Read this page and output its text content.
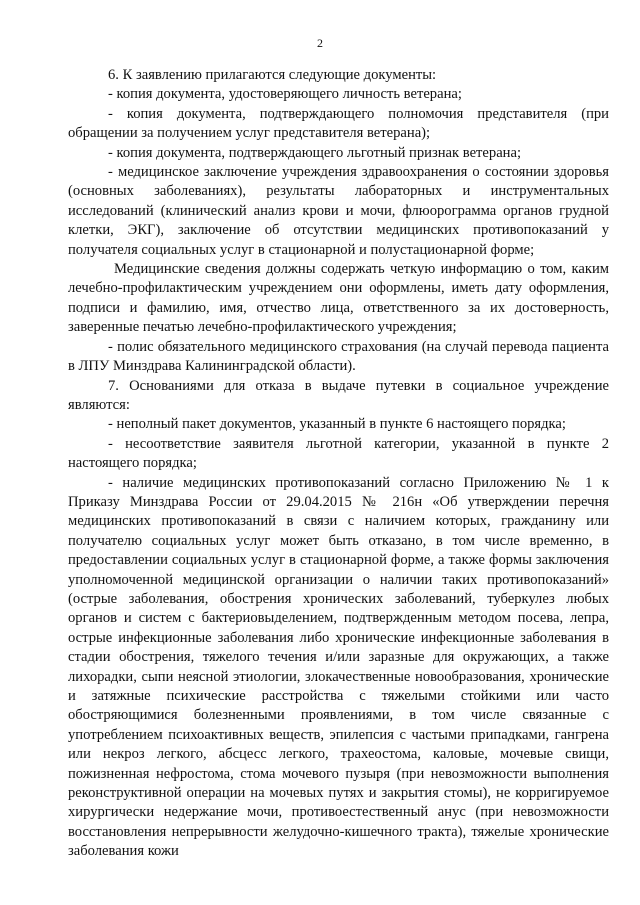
2

6. К заявлению прилагаются следующие документы:

- копия документа, удостоверяющего личность ветерана;

- копия документа, подтверждающего полномочия представителя (при обращении за получением услуг представителя ветерана);

- копия документа, подтверждающего льготный признак ветерана;

- медицинское заключение учреждения здравоохранения о состоянии здоровья (основных заболеваниях), результаты лабораторных и инструментальных исследований (клинический анализ крови и мочи, флюорограмма органов грудной клетки, ЭКГ), заключение об отсутствии медицинских противопоказаний у получателя социальных услуг в стационарной и полустационарной форме;

Медицинские сведения должны содержать четкую информацию о том, каким лечебно-профилактическим учреждением они оформлены, иметь дату оформления, подписи и фамилию, имя, отчество лица, ответственного за их достоверность, заверенные печатью лечебно-профилактического учреждения;

- полис обязательного медицинского страхования (на случай перевода пациента в ЛПУ Минздрава Калининградской области).

7. Основаниями для отказа в выдаче путевки в социальное учреждение являются:

- неполный пакет документов, указанный в пункте 6 настоящего порядка;

- несоответствие заявителя льготной категории, указанной в пункте 2 настоящего порядка;

- наличие медицинских противопоказаний согласно Приложению № 1 к Приказу Минздрава России от 29.04.2015 № 216н «Об утверждении перечня медицинских противопоказаний в связи с наличием которых, гражданину или получателю социальных услуг может быть отказано, в том числе временно, в предоставлении социальных услуг в стационарной форме, а также формы заключения уполномоченной медицинской организации о наличии таких противопоказаний» (острые заболевания, обострения хронических заболеваний, туберкулез любых органов и систем с бактериовыделением, подтвержденным методом посева, лепра, острые инфекционные заболевания либо хронические инфекционные заболевания в стадии обострения, тяжелого течения и/или заразные для окружающих, а также лихорадки, сыпи неясной этиологии, злокачественные новообразования, хронические и затяжные психические расстройства с тяжелыми стойкими или часто обостряющимися болезненными проявлениями, в том числе связанные с употреблением психоактивных веществ, эпилепсия с частыми припадками, гангрена или некроз легкого, абсцесс легкого, трахеостома, каловые, мочевые свищи, пожизненная нефростома, стома мочевого пузыря (при невозможности выполнения реконструктивной операции на мочевых путях и закрытия стомы), не корригируемое хирургически недержание мочи, противоестественный анус (при невозможности восстановления непрерывности желудочно-кишечного тракта), тяжелые хронические заболевания кожи
